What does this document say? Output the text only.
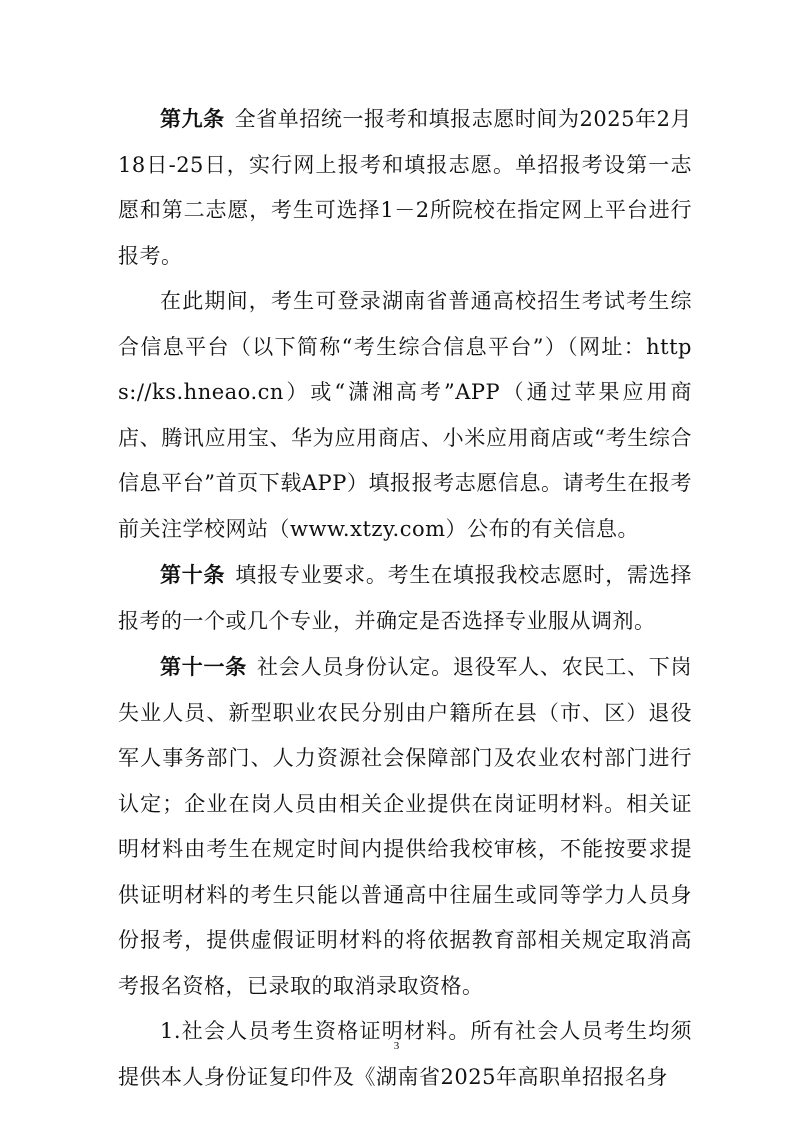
第九条 全省单招统一报考和填报志愿时间为2025年2月18日-25日，实行网上报考和填报志愿。单招报考设第一志愿和第二志愿，考生可选择1－2所院校在指定网上平台进行报考。

在此期间，考生可登录湖南省普通高校招生考试考生综合信息平台（以下简称“考生综合信息平台”）（网址：https://ks.hneao.cn）或“潇湘高考”APP（通过苹果应用商店、腾讯应用宝、华为应用商店、小米应用商店或“考生综合信息平台”首页下载APP）填报报考志愿信息。请考生在报考前关注学校网站（www.xtzy.com）公布的有关信息。

第十条 填报专业要求。考生在填报我校志愿时，需选择报考的一个或几个专业，并确定是否选择专业服从调剂。

第十一条 社会人员身份认定。退役军人、农民工、下岗失业人员、新型职业农民分别由户籍所在县（市、区）退役军人事务部门、人力资源社会保障部门及农业农村部门进行认定；企业在岗人员由相关企业提供在岗证明材料。相关证明材料由考生在规定时间内提供给我校审核，不能按要求提供证明材料的考生只能以普通高中往届生或同等学力人员身份报考，提供虚假证明材料的将依据教育部相关规定取消高考报名资格，已录取的取消录取资格。

1.社会人员考生资格证明材料。所有社会人员考生均须提供本人身份证复印件及《湖南省2025年高职单招报名身

3
